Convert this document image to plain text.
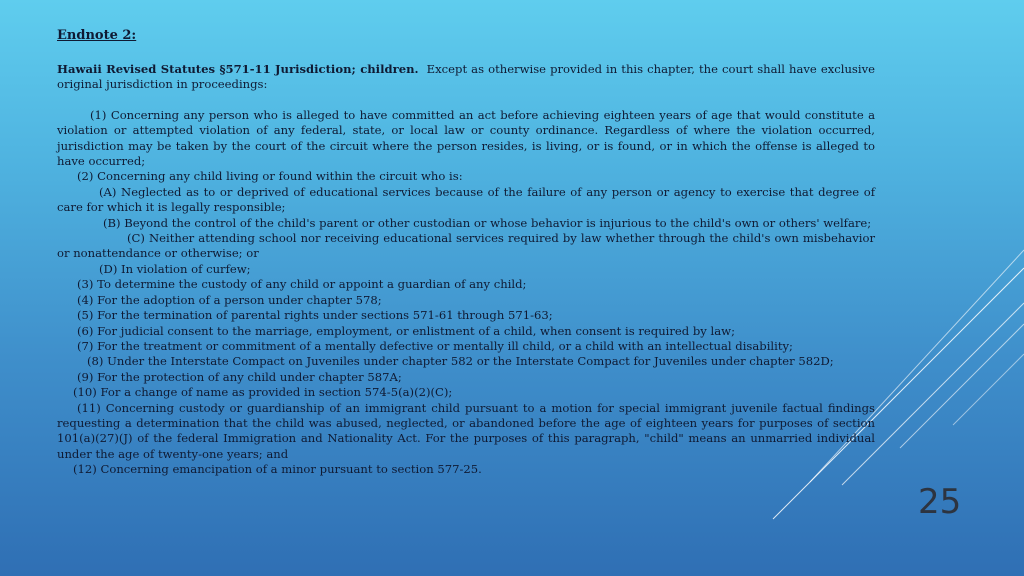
Endnote 2:

Hawaii Revised Statutes §571-11 Jurisdiction; children. Except as otherwise provided in this chapter, the court shall have exclusive original jurisdiction in proceedings:

(1) Concerning any person who is alleged to have committed an act before achieving eighteen years of age that would constitute a violation or attempted violation of any federal, state, or local law or county ordinance. Regardless of where the violation occurred, jurisdiction may be taken by the court of the circuit where the person resides, is living, or is found, or in which the offense is alleged to have occurred;

(2) Concerning any child living or found within the circuit who is:

(A) Neglected as to or deprived of educational services because of the failure of any person or agency to exercise that degree of care for which it is legally responsible;

(B) Beyond the control of the child's parent or other custodian or whose behavior is injurious to the child's own or others' welfare;

(C) Neither attending school nor receiving educational services required by law whether through the child's own misbehavior or nonattendance or otherwise; or

(D) In violation of curfew;

(3) To determine the custody of any child or appoint a guardian of any child;

(4) For the adoption of a person under chapter 578;

(5) For the termination of parental rights under sections 571-61 through 571-63;

(6) For judicial consent to the marriage, employment, or enlistment of a child, when consent is required by law;

(7) For the treatment or commitment of a mentally defective or mentally ill child, or a child with an intellectual disability;

(8) Under the Interstate Compact on Juveniles under chapter 582 or the Interstate Compact for Juveniles under chapter 582D;

(9) For the protection of any child under chapter 587A;

(10) For a change of name as provided in section 574-5(a)(2)(C);

(11) Concerning custody or guardianship of an immigrant child pursuant to a motion for special immigrant juvenile factual findings requesting a determination that the child was abused, neglected, or abandoned before the age of eighteen years for purposes of section 101(a)(27)(J) of the federal Immigration and Nationality Act. For the purposes of this paragraph, "child" means an unmarried individual under the age of twenty-one years; and

(12) Concerning emancipation of a minor pursuant to section 577-25.

25
